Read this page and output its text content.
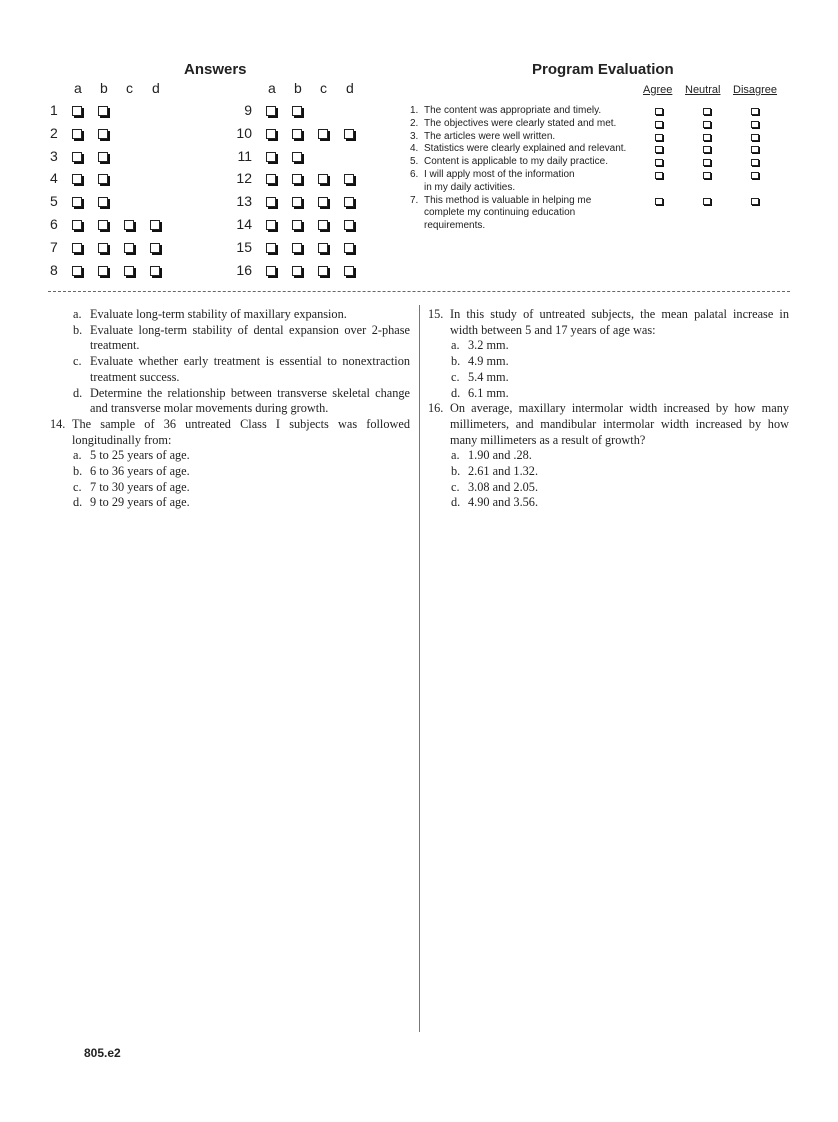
Answers
a b c d	a b c d
1
2
3
4
5
6
7
8
9
10
11
12
13
14
15
16
Program Evaluation
Agree Neutral Disagree
1. The content was appropriate and timely.
2. The objectives were clearly stated and met.
3. The articles were well written.
4. Statistics were clearly explained and relevant.
5. Content is applicable to my daily practice.
6. I will apply most of the information
in my daily activities.
7. This method is valuable in helping me
complete my continuing education
requirements.
a. Evaluate long-term stability of maxillary expansion.
b. Evaluate long-term stability of dental expansion over 2-phase treatment.
c. Evaluate whether early treatment is essential to nonextraction treatment success.
d. Determine the relationship between transverse skeletal change and transverse molar movements during growth.
14. The sample of 36 untreated Class I subjects was followed longitudinally from:
a. 5 to 25 years of age.
b. 6 to 36 years of age.
c. 7 to 30 years of age.
d. 9 to 29 years of age.
15. In this study of untreated subjects, the mean palatal increase in width between 5 and 17 years of age was:
a. 3.2 mm.
b. 4.9 mm.
c. 5.4 mm.
d. 6.1 mm.
16. On average, maxillary intermolar width increased by how many millimeters, and mandibular intermolar width increased by how many millimeters as a result of growth?
a. 1.90 and .28.
b. 2.61 and 1.32.
c. 3.08 and 2.05.
d. 4.90 and 3.56.
805.e2
